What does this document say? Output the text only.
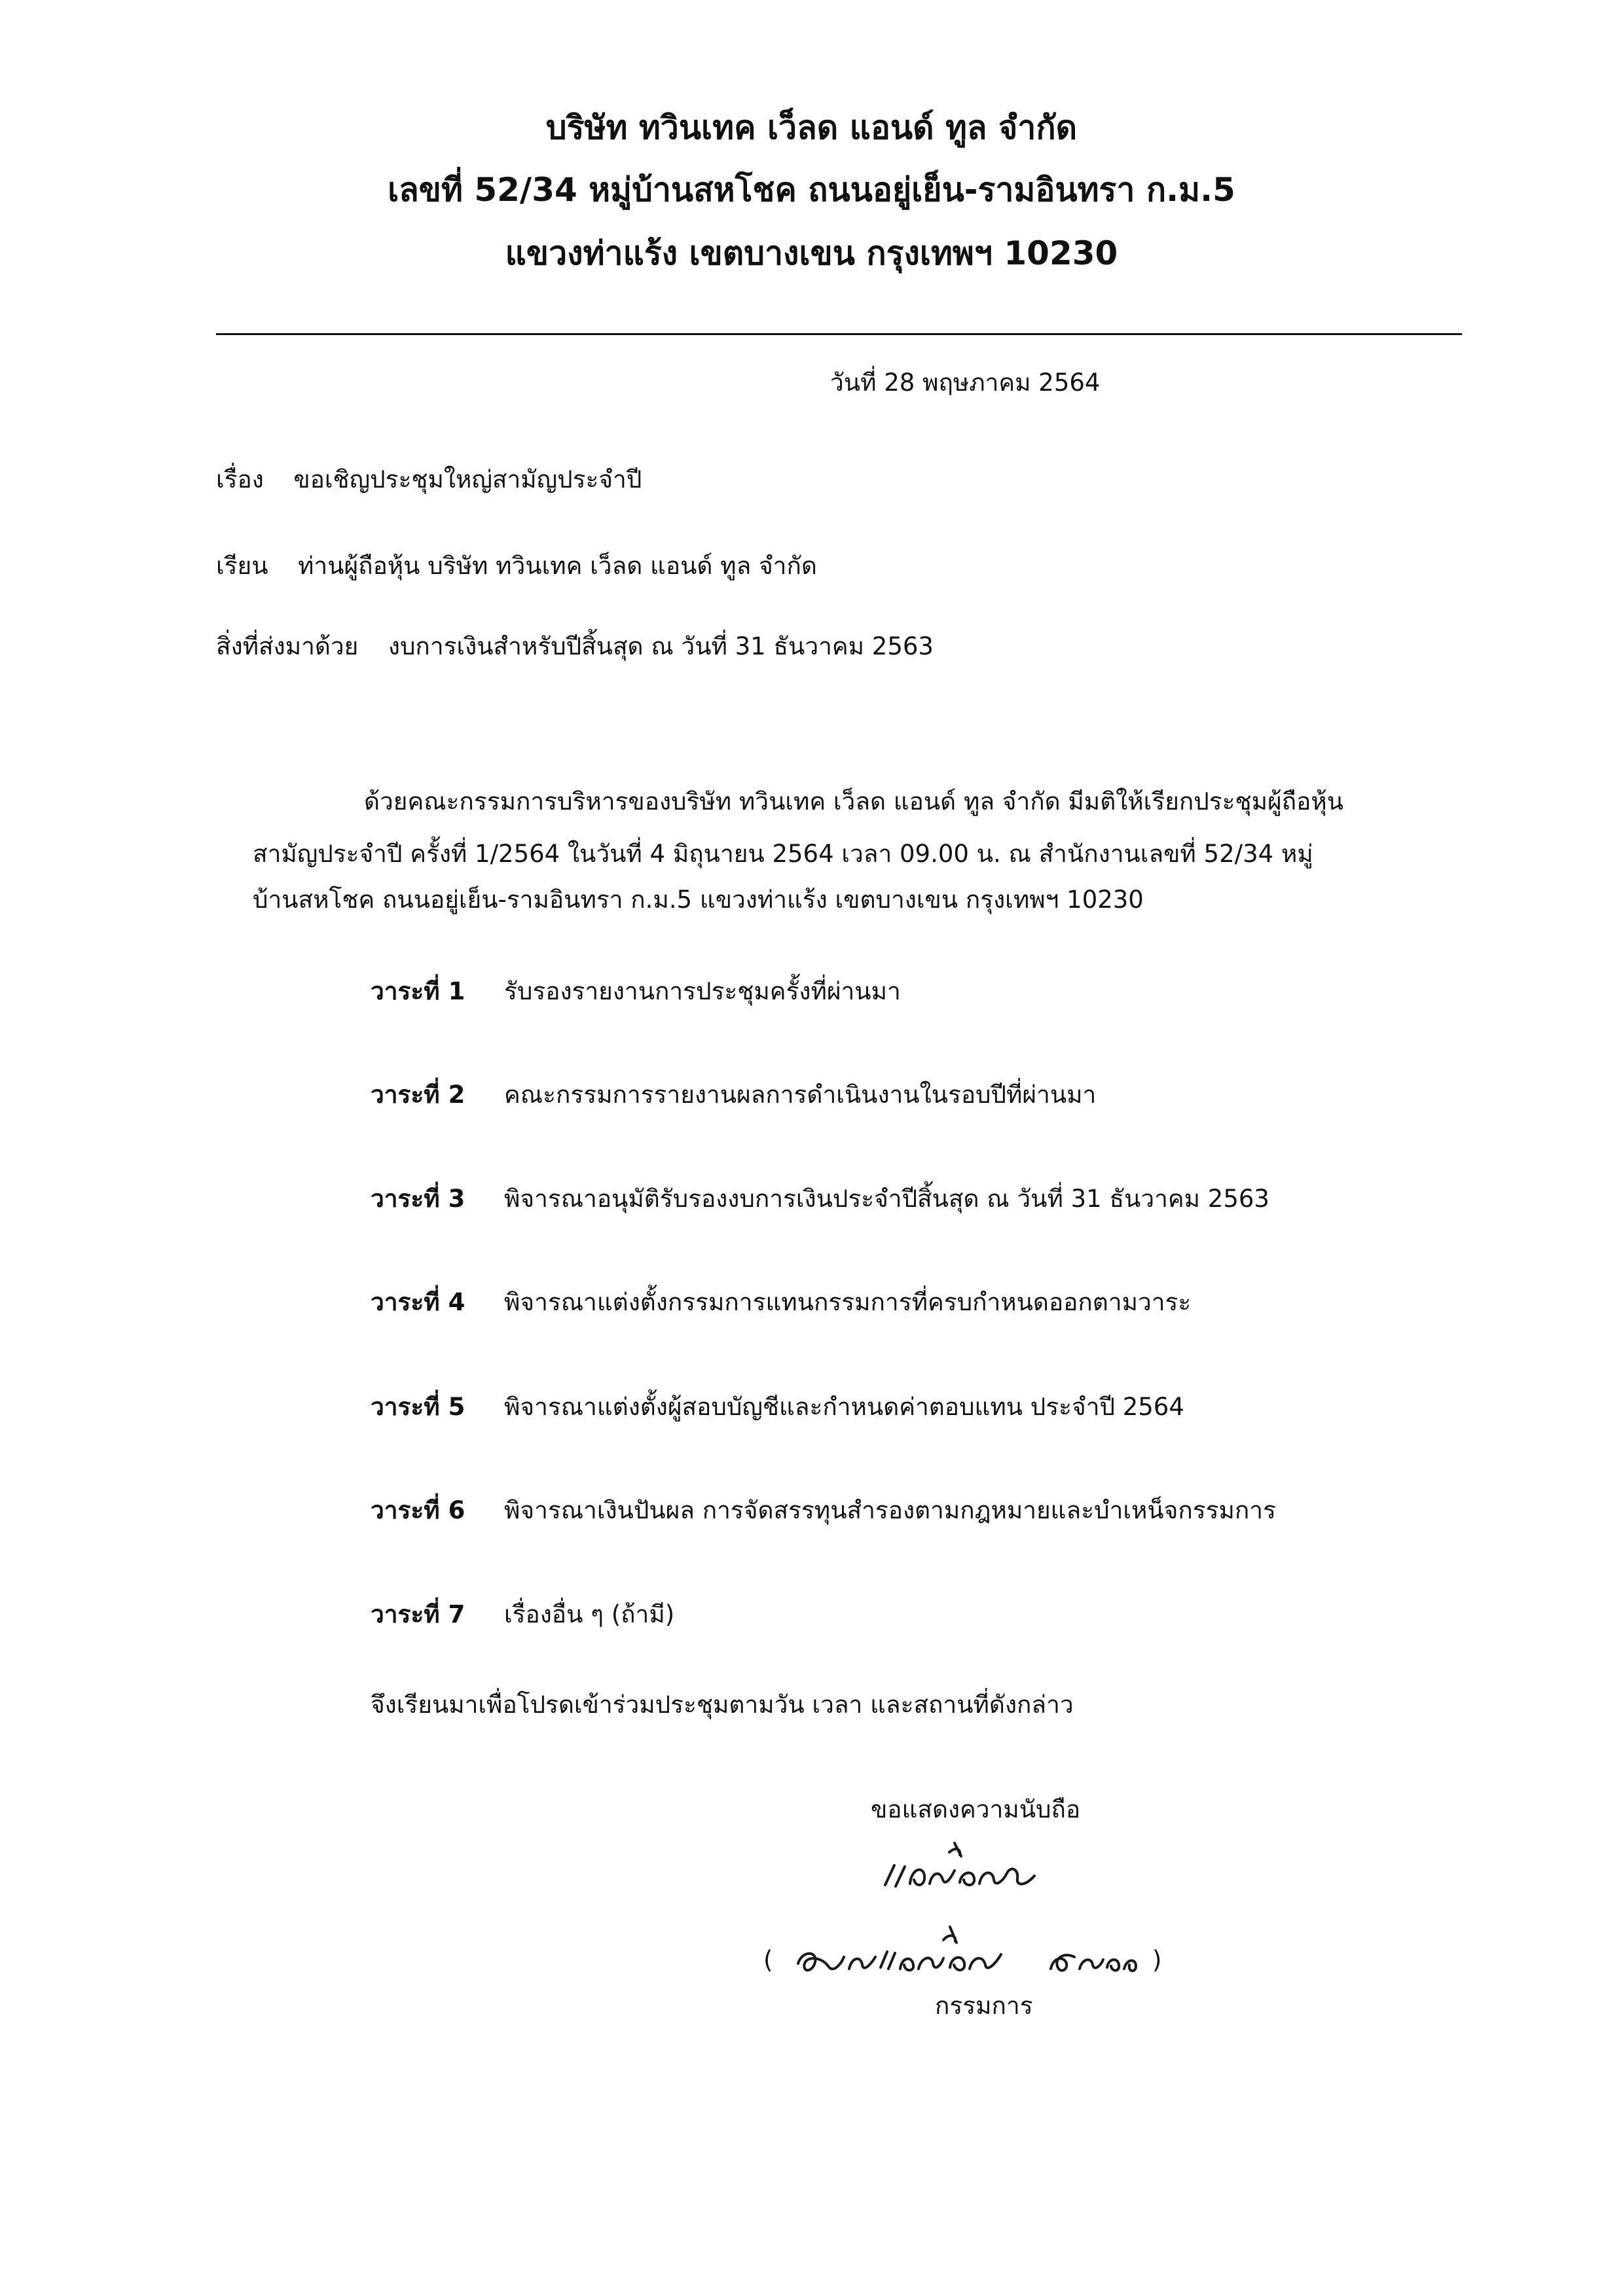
บริษัท ทวินเทค เว็ลด แอนด์ ทูล จำกัด
เลขที่ 52/34 หมู่บ้านสหโชค ถนนอยู่เย็น-รามอินทรา ก.ม.5
แขวงท่าแร้ง เขตบางเขน กรุงเทพฯ 10230
วันที่ 28 พฤษภาคม 2564
เรื่อง ขอเชิญประชุมใหญ่สามัญประจำปี
เรียน ท่านผู้ถือหุ้น บริษัท ทวินเทค เว็ลด แอนด์ ทูล จำกัด
สิ่งที่ส่งมาด้วย งบการเงินสำหรับปีสิ้นสุด ณ วันที่ 31 ธันวาคม 2563
ด้วยคณะกรรมการบริหารของบริษัท ทวินเทค เว็ลด แอนด์ ทูล จำกัด มีมติให้เรียกประชุมผู้ถือหุ้น
สามัญประจำปี ครั้งที่ 1/2564 ในวันที่ 4 มิถุนายน 2564 เวลา 09.00 น. ณ สำนักงานเลขที่ 52/34 หมู่
บ้านสหโชค ถนนอยู่เย็น-รามอินทรา ก.ม.5 แขวงท่าแร้ง เขตบางเขน กรุงเทพฯ 10230
วาระที่ 1 รับรองรายงานการประชุมครั้งที่ผ่านมา
วาระที่ 2 คณะกรรมการรายงานผลการดำเนินงานในรอบปีที่ผ่านมา
วาระที่ 3 พิจารณาอนุมัติรับรองงบการเงินประจำปีสิ้นสุด ณ วันที่ 31 ธันวาคม 2563
วาระที่ 4 พิจารณาแต่งตั้งกรรมการแทนกรรมการที่ครบกำหนดออกตามวาระ
วาระที่ 5 พิจารณาแต่งตั้งผู้สอบบัญชีและกำหนดค่าตอบแทน ประจำปี 2564
วาระที่ 6 พิจารณาเงินปันผล การจัดสรรทุนสำรองตามกฎหมายและบำเหน็จกรรมการ
วาระที่ 7 เรื่องอื่น ๆ (ถ้ามี)
จึงเรียนมาเพื่อโปรดเข้าร่วมประชุมตามวัน เวลา และสถานที่ดังกล่าว
ขอแสดงความนับถือ
(	)
กรรมการ
